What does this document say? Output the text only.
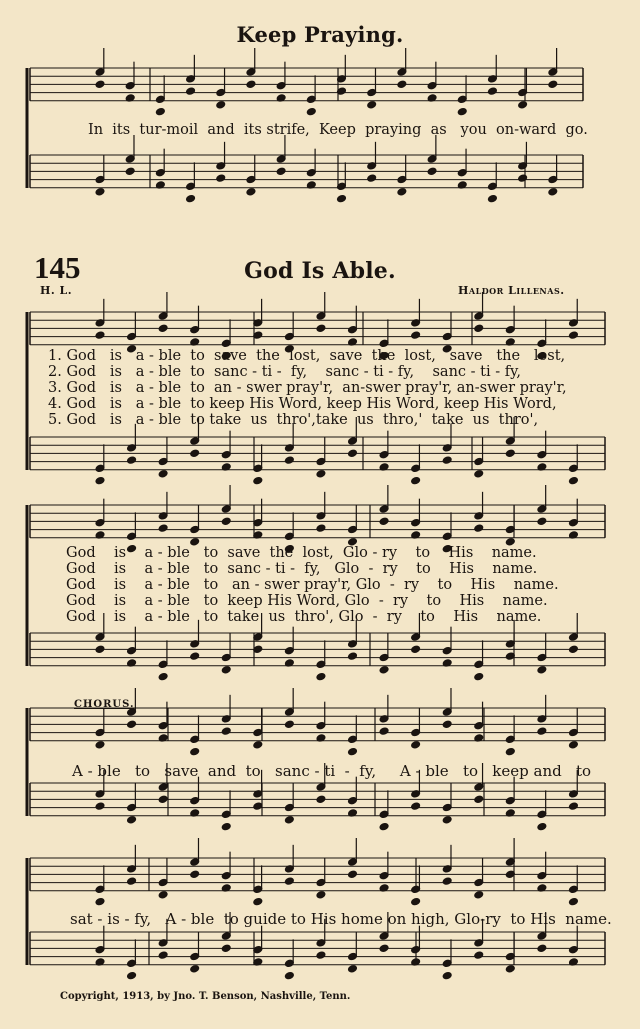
Keep Praying.
In  its  tur-moil  and  its strife,  Keep  praying  as   you  on-ward  go.
145	God Is Able.
H. L.	Haldor Lillenas.
1. God   is   a - ble  to  save  the  lost,  save  the  lost,   save   the   lost,
2. God   is   a - ble  to  sanc - ti -  fy,    sanc - ti - fy,    sanc - ti - fy,
3. God   is   a - ble  to  an - swer pray'r,  an-swer pray'r, an-swer pray'r,
4. God   is   a - ble  to keep His Word, keep His Word, keep His Word,
5. God   is   a - ble  to take  us  thro',take  us  thro,'  take  us  thro',
God    is    a - ble   to  save  the  lost,  Glo - ry    to    His    name.
God    is    a - ble   to  sanc - ti -  fy,   Glo  -  ry    to    His    name.
God    is    a - ble   to   an - swer pray'r, Glo  -  ry    to    His    name.
God    is    a - ble   to  keep His Word, Glo  -  ry    to    His    name.
God    is    a - ble   to  take  us  thro', Glo  -  ry    to    His    name.
CHORUS.
A - ble   to   save  and  to   sanc - ti  -  fy,     A - ble   to   keep and   to
sat - is - fy,   A - ble  to guide to His home on high, Glo-ry  to His  name.
Copyright, 1913, by Jno. T. Benson, Nashville, Tenn.
